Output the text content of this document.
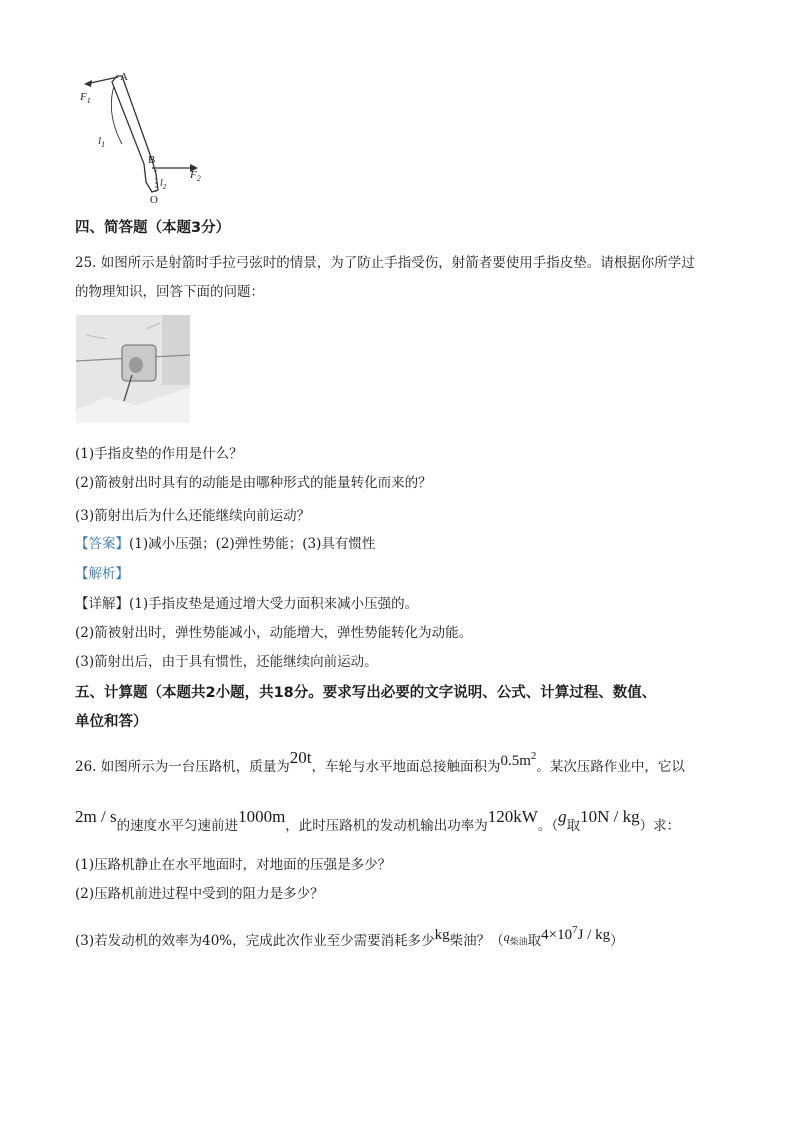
A
B
O
$F_1$
$F_2$
$l_1$
$l_2$
四、简答题（本题3分）
25. 如图所示是射箭时手拉弓弦时的情景，为了防止手指受伤，射箭者要使用手指皮垫。请根据你所学过
的物理知识，回答下面的问题：
(1)手指皮垫的作用是什么？
(2)箭被射出时具有的动能是由哪种形式的能量转化而来的？
(3)箭射出后为什么还能继续向前运动？
【答案】(1)减小压强；(2)弹性势能；(3)具有惯性
【解析】
【详解】(1)手指皮垫是通过增大受力面积来减小压强的。
(2)箭被射出时，弹性势能减小，动能增大，弹性势能转化为动能。
(3)箭射出后，由于具有惯性，还能继续向前运动。
五、计算题（本题共2小题，共18分。要求写出必要的文字说明、公式、计算过程、数值、
单位和答）
26. 如图所示为一台压路机，质量为20t，车轮与水平地面总接触面积为$0.5m^2$。某次压路作业中，它以
2m / s的速度水平匀速前进1000m，此时压路机的发动机输出功率为120kW。（g取10N / kg）求：
(1)压路机静止在水平地面时，对地面的压强是多少？
(2)压路机前进过程中受到的阻力是多少？
(3)若发动机的效率为40%，完成此次作业至少需要消耗多少kg柴油？（$q_{柴油}$取$4\times 10^7J / kg$）
